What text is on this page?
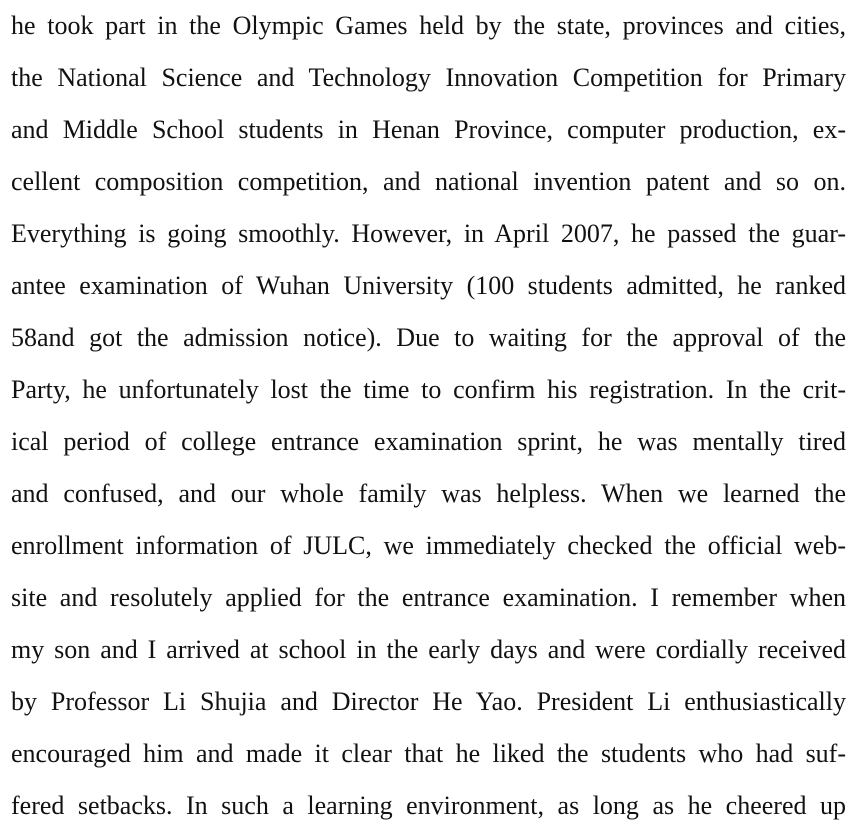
he took part in the Olympic Games held by the state, provinces and cities,
the National Science and Technology Innovation Competition for Primary
and Middle School students in Henan Province, computer production, ex-
cellent composition competition, and national invention patent and so on.
Everything is going smoothly. However, in April 2007, he passed the guar-
antee examination of Wuhan University (100 students admitted, he ranked
58and got the admission notice). Due to waiting for the approval of the
Party, he unfortunately lost the time to confirm his registration. In the crit-
ical period of college entrance examination sprint, he was mentally tired
and confused, and our whole family was helpless. When we learned the
enrollment information of JULC, we immediately checked the official web-
site and resolutely applied for the entrance examination. I remember when
my son and I arrived at school in the early days and were cordially received
by Professor Li Shujia and Director He Yao. President Li enthusiastically
encouraged him and made it clear that he liked the students who had suf-
fered setbacks. In such a learning environment, as long as he cheered up
